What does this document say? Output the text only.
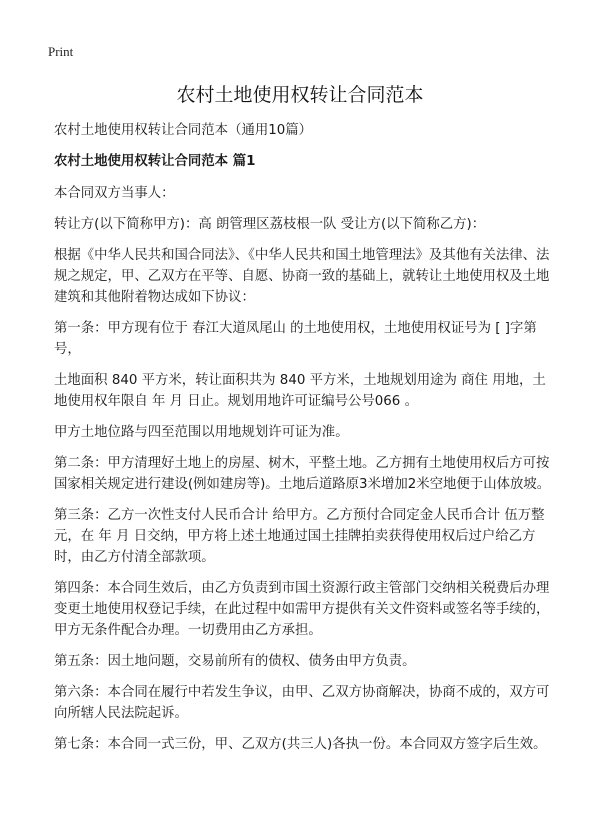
Print
农村土地使用权转让合同范本

农村土地使用权转让合同范本（通用10篇）

农村土地使用权转让合同范本 篇1

本合同双方当事人：

转让方(以下简称甲方)：高 朗管理区荔枝根一队 受让方(以下简称乙方)：

根据《中华人民共和国合同法》、《中华人民共和国土地管理法》及其他有关法律、法规之规定，甲、乙双方在平等、自愿、协商一致的基础上，就转让土地使用权及土地建筑和其他附着物达成如下协议：

第一条：甲方现有位于 春江大道凤尾山 的土地使用权，土地使用权证号为 [ ]字第 号，

土地面积 840 平方米，转让面积共为 840 平方米，土地规划用途为 商住 用地，土地使用权年限自 年 月 日止。规划用地许可证编号公号066 。

甲方土地位路与四至范围以用地规划许可证为准。

第二条：甲方清理好土地上的房屋、树木，平整土地。乙方拥有土地使用权后方可按国家相关规定进行建设(例如建房等)。土地后道路原3米增加2米空地便于山体放坡。

第三条：乙方一次性支付人民币合计 给甲方。乙方预付合同定金人民币合计 伍万整 元，在 年 月 日交纳，甲方将上述土地通过国土挂牌拍卖获得使用权后过户给乙方时，由乙方付清全部款项。

第四条：本合同生效后，由乙方负责到市国土资源行政主管部门交纳相关税费后办理变更土地使用权登记手续，在此过程中如需甲方提供有关文件资料或签名等手续的，甲方无条件配合办理。一切费用由乙方承担。

第五条：因土地问题，交易前所有的债权、债务由甲方负责。

第六条：本合同在履行中若发生争议，由甲、乙双方协商解决，协商不成的，双方可向所辖人民法院起诉。

第七条：本合同一式三份，甲、乙双方(共三人)各执一份。本合同双方签字后生效。
